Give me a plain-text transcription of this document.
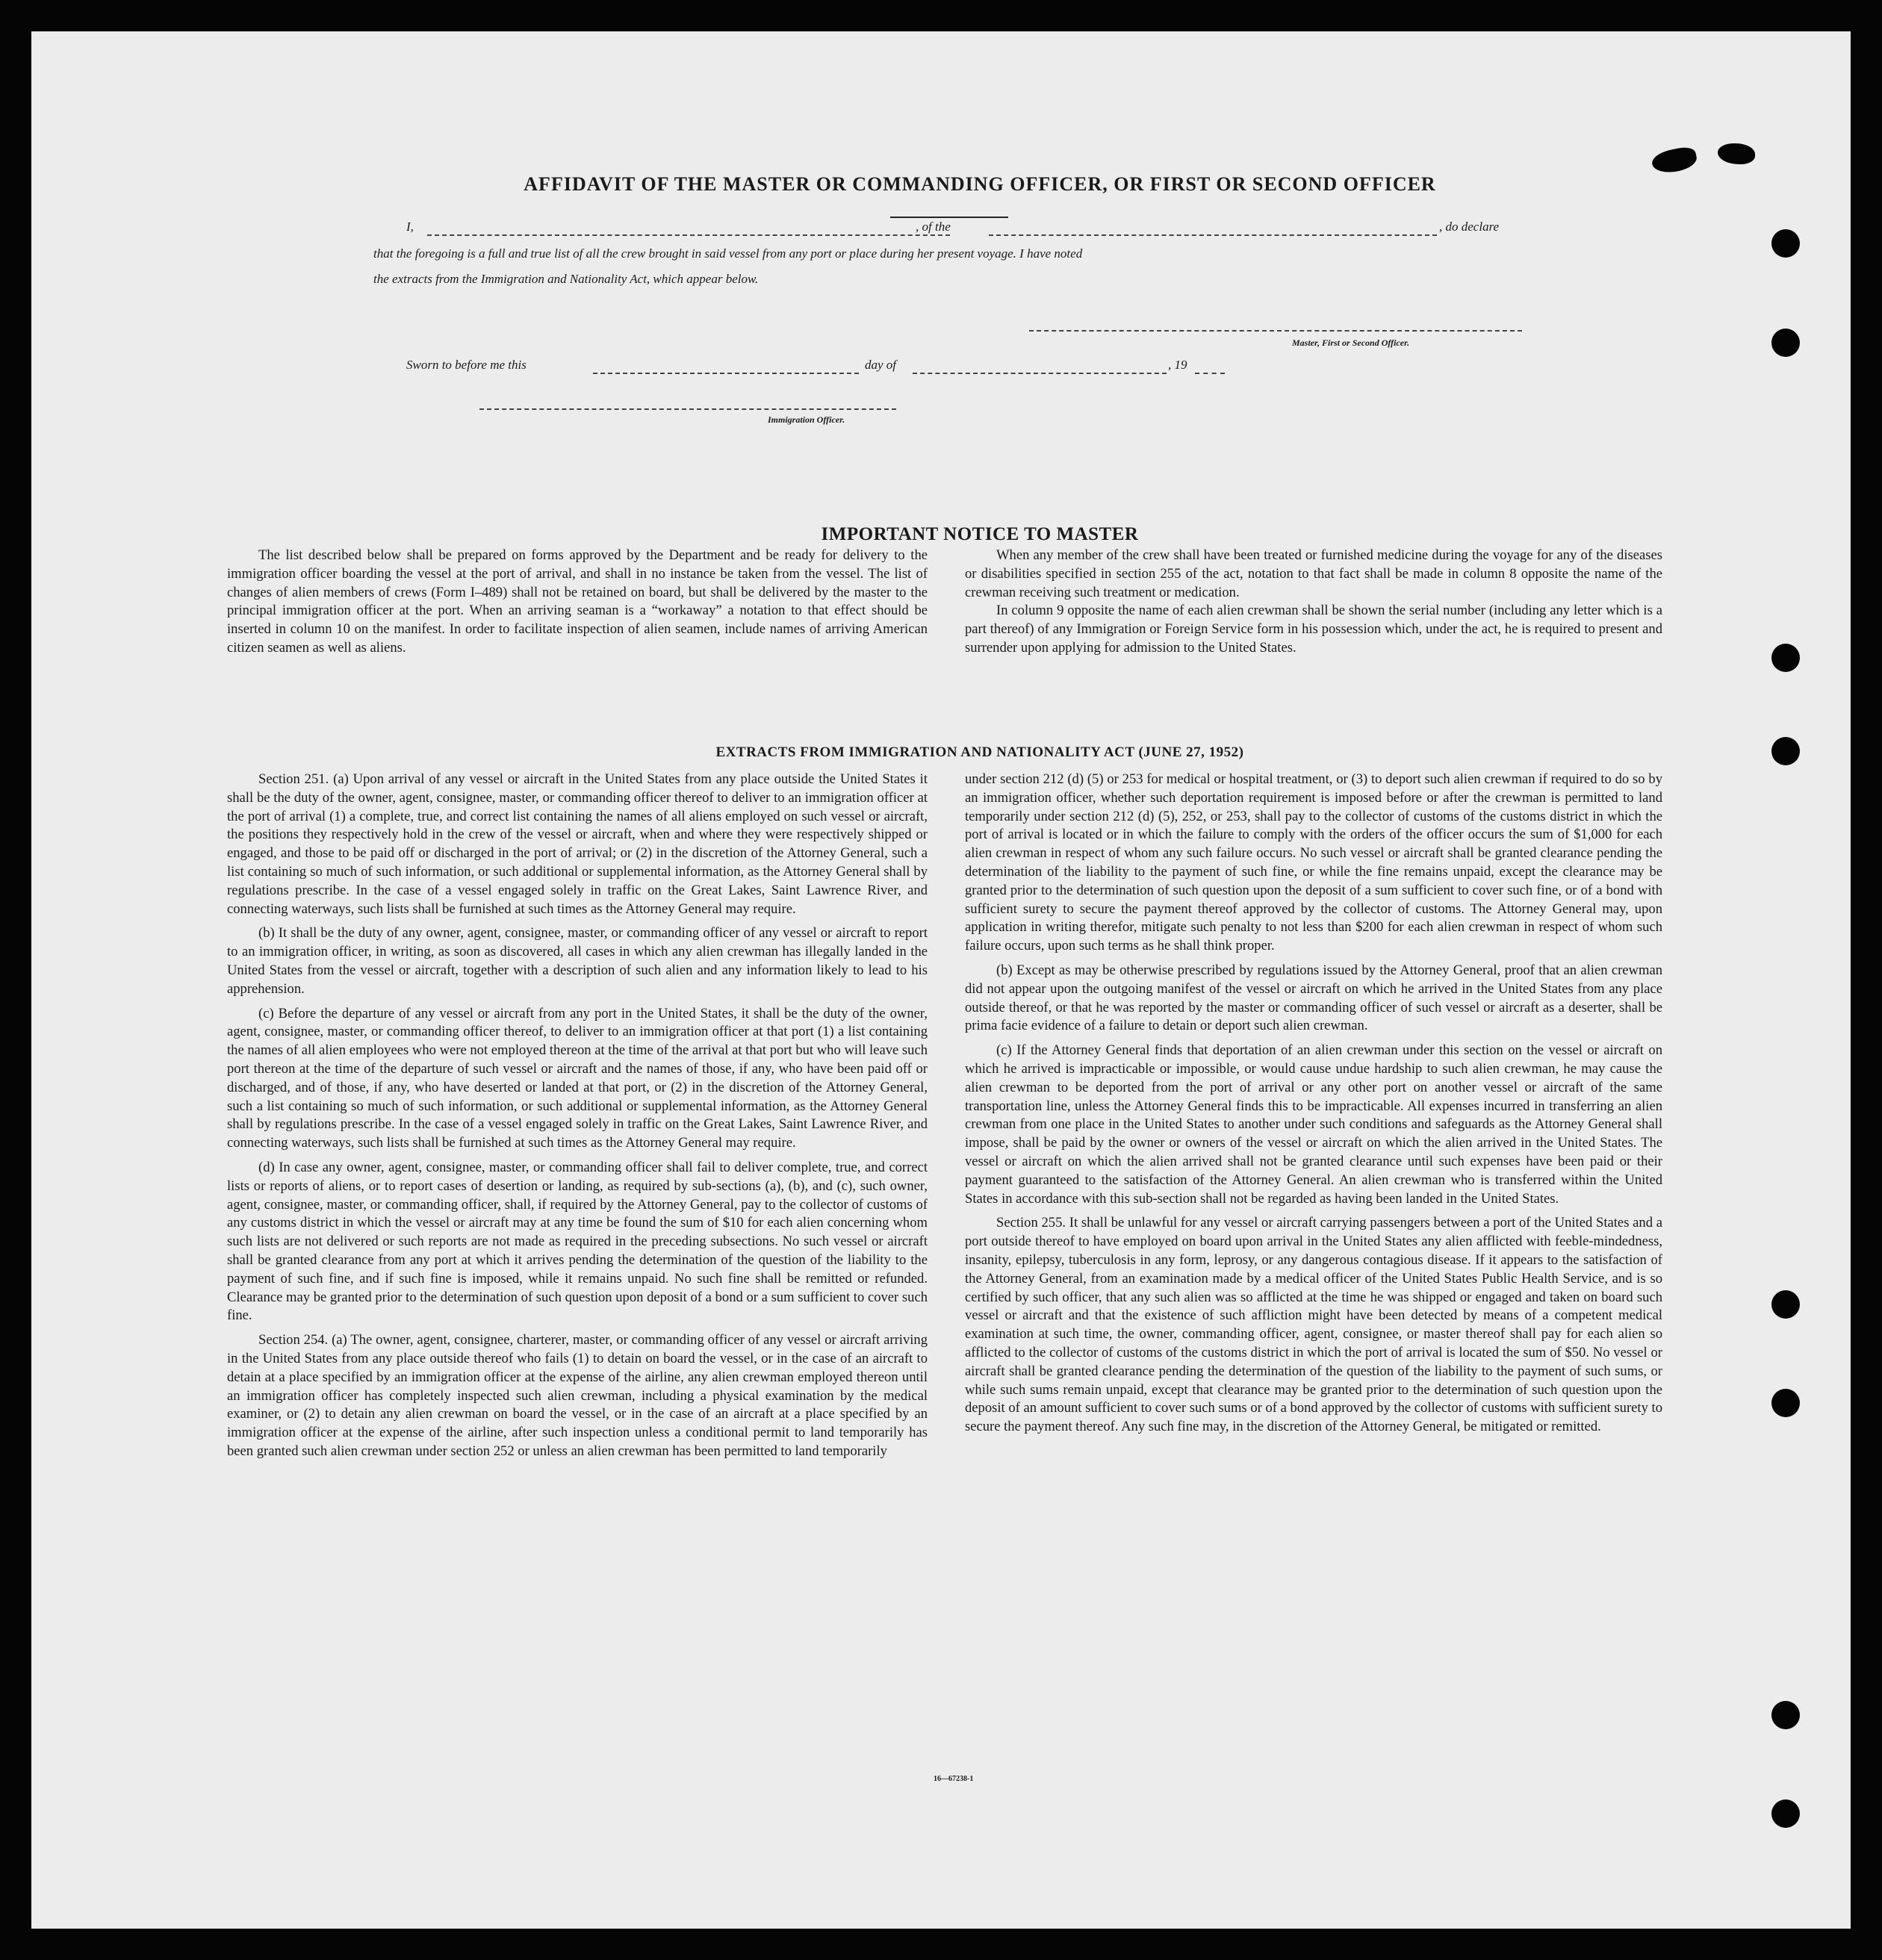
AFFIDAVIT OF THE MASTER OR COMMANDING OFFICER, OR FIRST OR SECOND OFFICER
I,	, of the	, do declare
that the foregoing is a full and true list of all the crew brought in said vessel from any port or place during her present voyage. I have noted
the extracts from the Immigration and Nationality Act, which appear below.
Master, First or Second Officer.
Sworn to before me this	day of	, 19
Immigration Officer.
IMPORTANT NOTICE TO MASTER

The list described below shall be prepared on forms approved by the Department and be ready for delivery to the immigration officer boarding the vessel at the port of arrival, and shall in no instance be taken from the vessel. The list of changes of alien members of crews (Form I–489) shall not be retained on board, but shall be delivered by the master to the principal immigration officer at the port. When an arriving seaman is a “workaway” a notation to that effect should be inserted in column 10 on the manifest. In order to facilitate inspection of alien seamen, include names of arriving American citizen seamen as well as aliens.

When any member of the crew shall have been treated or furnished medicine during the voyage for any of the diseases or disabilities specified in section 255 of the act, notation to that fact shall be made in column 8 opposite the name of the crewman receiving such treatment or medication.

In column 9 opposite the name of each alien crewman shall be shown the serial number (including any letter which is a part thereof) of any Immigration or Foreign Service form in his possession which, under the act, he is required to present and surrender upon applying for admission to the United States.

EXTRACTS FROM IMMIGRATION AND NATIONALITY ACT (JUNE 27, 1952)

Section 251. (a) Upon arrival of any vessel or aircraft in the United States from any place outside the United States it shall be the duty of the owner, agent, consignee, master, or commanding officer thereof to deliver to an immigration officer at the port of arrival (1) a complete, true, and correct list containing the names of all aliens employed on such vessel or aircraft, the positions they respectively hold in the crew of the vessel or aircraft, when and where they were respectively shipped or engaged, and those to be paid off or discharged in the port of arrival; or (2) in the discretion of the Attorney General, such a list containing so much of such information, or such additional or supplemental information, as the Attorney General shall by regulations prescribe. In the case of a vessel engaged solely in traffic on the Great Lakes, Saint Lawrence River, and connecting waterways, such lists shall be furnished at such times as the Attorney General may require.

(b) It shall be the duty of any owner, agent, consignee, master, or commanding officer of any vessel or aircraft to report to an immigration officer, in writing, as soon as discovered, all cases in which any alien crewman has illegally landed in the United States from the vessel or aircraft, together with a description of such alien and any information likely to lead to his apprehension.

(c) Before the departure of any vessel or aircraft from any port in the United States, it shall be the duty of the owner, agent, consignee, master, or commanding officer thereof, to deliver to an immigration officer at that port (1) a list containing the names of all alien employees who were not employed thereon at the time of the arrival at that port but who will leave such port thereon at the time of the departure of such vessel or aircraft and the names of those, if any, who have been paid off or discharged, and of those, if any, who have deserted or landed at that port, or (2) in the discretion of the Attorney General, such a list containing so much of such information, or such additional or supplemental information, as the Attorney General shall by regulations prescribe. In the case of a vessel engaged solely in traffic on the Great Lakes, Saint Lawrence River, and connecting waterways, such lists shall be furnished at such times as the Attorney General may require.

(d) In case any owner, agent, consignee, master, or commanding officer shall fail to deliver complete, true, and correct lists or reports of aliens, or to report cases of desertion or landing, as required by sub-sections (a), (b), and (c), such owner, agent, consignee, master, or commanding officer, shall, if required by the Attorney General, pay to the collector of customs of any customs district in which the vessel or aircraft may at any time be found the sum of $10 for each alien concerning whom such lists are not delivered or such reports are not made as required in the preceding subsections. No such vessel or aircraft shall be granted clearance from any port at which it arrives pending the determination of the question of the liability to the payment of such fine, and if such fine is imposed, while it remains unpaid. No such fine shall be remitted or refunded. Clearance may be granted prior to the determination of such question upon deposit of a bond or a sum sufficient to cover such fine.

Section 254. (a) The owner, agent, consignee, charterer, master, or commanding officer of any vessel or aircraft arriving in the United States from any place outside thereof who fails (1) to detain on board the vessel, or in the case of an aircraft to detain at a place specified by an immigration officer at the expense of the airline, any alien crewman employed thereon until an immigration officer has completely inspected such alien crewman, including a physical examination by the medical examiner, or (2) to detain any alien crewman on board the vessel, or in the case of an aircraft at a place specified by an immigration officer at the expense of the airline, after such inspection unless a conditional permit to land temporarily has been granted such alien crewman under section 252 or unless an alien crewman has been permitted to land temporarily

under section 212 (d) (5) or 253 for medical or hospital treatment, or (3) to deport such alien crewman if required to do so by an immigration officer, whether such deportation requirement is imposed before or after the crewman is permitted to land temporarily under section 212 (d) (5), 252, or 253, shall pay to the collector of customs of the customs district in which the port of arrival is located or in which the failure to comply with the orders of the officer occurs the sum of $1,000 for each alien crewman in respect of whom any such failure occurs. No such vessel or aircraft shall be granted clearance pending the determination of the liability to the payment of such fine, or while the fine remains unpaid, except the clearance may be granted prior to the determination of such question upon the deposit of a sum sufficient to cover such fine, or of a bond with sufficient surety to secure the payment thereof approved by the collector of customs. The Attorney General may, upon application in writing therefor, mitigate such penalty to not less than $200 for each alien crewman in respect of whom such failure occurs, upon such terms as he shall think proper.

(b) Except as may be otherwise prescribed by regulations issued by the Attorney General, proof that an alien crewman did not appear upon the outgoing manifest of the vessel or aircraft on which he arrived in the United States from any place outside thereof, or that he was reported by the master or commanding officer of such vessel or aircraft as a deserter, shall be prima facie evidence of a failure to detain or deport such alien crewman.

(c) If the Attorney General finds that deportation of an alien crewman under this section on the vessel or aircraft on which he arrived is impracticable or impossible, or would cause undue hardship to such alien crewman, he may cause the alien crewman to be deported from the port of arrival or any other port on another vessel or aircraft of the same transportation line, unless the Attorney General finds this to be impracticable. All expenses incurred in transferring an alien crewman from one place in the United States to another under such conditions and safeguards as the Attorney General shall impose, shall be paid by the owner or owners of the vessel or aircraft on which the alien arrived in the United States. The vessel or aircraft on which the alien arrived shall not be granted clearance until such expenses have been paid or their payment guaranteed to the satisfaction of the Attorney General. An alien crewman who is transferred within the United States in accordance with this sub-section shall not be regarded as having been landed in the United States.

Section 255. It shall be unlawful for any vessel or aircraft carrying passengers between a port of the United States and a port outside thereof to have employed on board upon arrival in the United States any alien afflicted with feeble-mindedness, insanity, epilepsy, tuberculosis in any form, leprosy, or any dangerous contagious disease. If it appears to the satisfaction of the Attorney General, from an examination made by a medical officer of the United States Public Health Service, and is so certified by such officer, that any such alien was so afflicted at the time he was shipped or engaged and taken on board such vessel or aircraft and that the existence of such affliction might have been detected by means of a competent medical examination at such time, the owner, commanding officer, agent, consignee, or master thereof shall pay for each alien so afflicted to the collector of customs of the customs district in which the port of arrival is located the sum of $50. No vessel or aircraft shall be granted clearance pending the determination of the question of the liability to the payment of such sums, or while such sums remain unpaid, except that clearance may be granted prior to the determination of such question upon the deposit of an amount sufficient to cover such sums or of a bond approved by the collector of customs with sufficient surety to secure the payment thereof. Any such fine may, in the discretion of the Attorney General, be mitigated or remitted.

16—67238-1
